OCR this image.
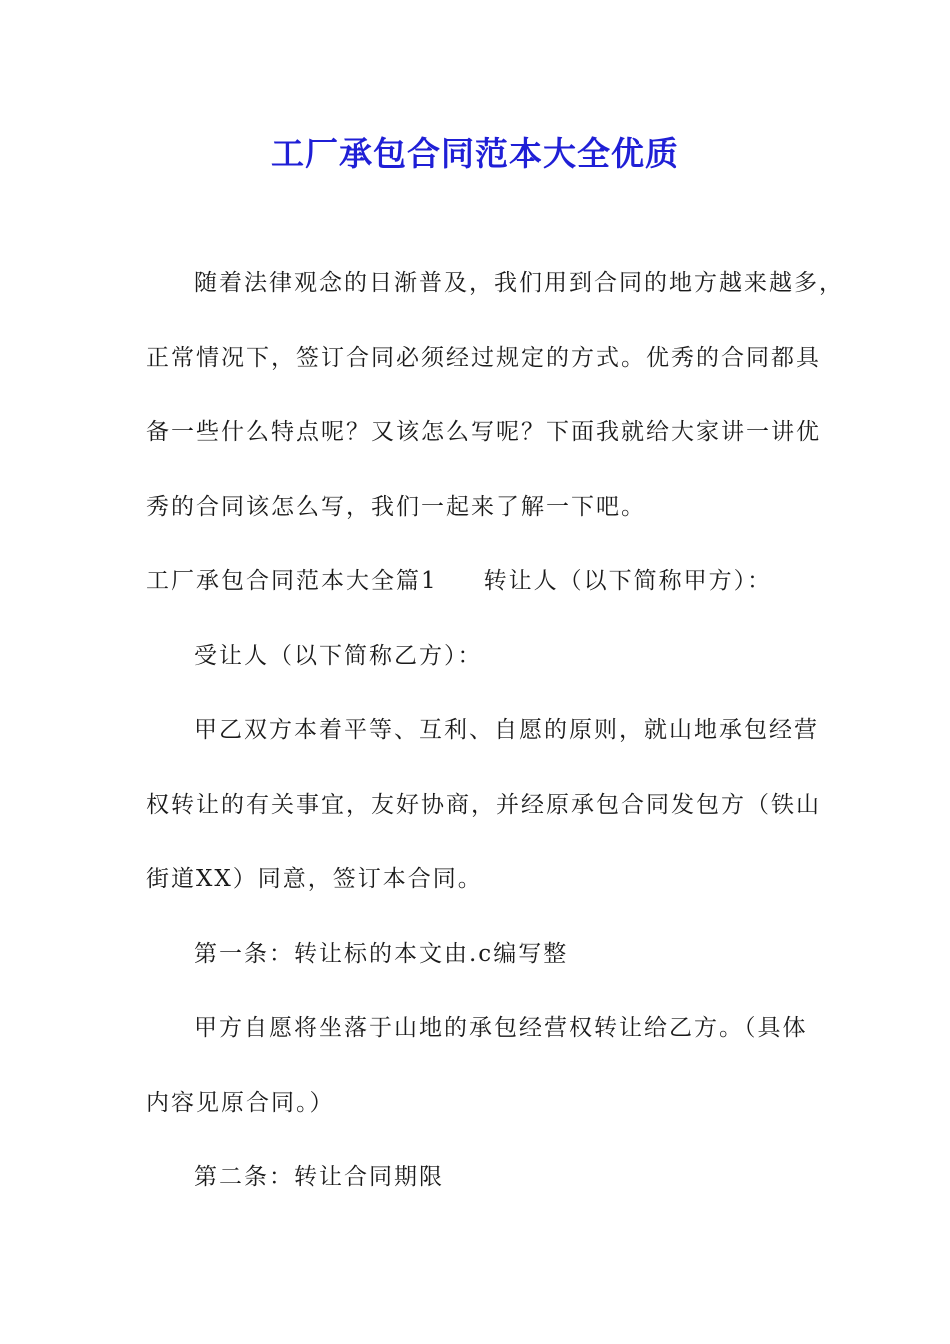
工厂承包合同范本大全优质

随着法律观念的日渐普及，我们用到合同的地方越来越多，

正常情况下，签订合同必须经过规定的方式。优秀的合同都具

备一些什么特点呢？又该怎么写呢？下面我就给大家讲一讲优

秀的合同该怎么写，我们一起来了解一下吧。

工厂承包合同范本大全篇1 转让人（以下简称甲方）：

受让人（以下简称乙方）：

甲乙双方本着平等、互利、自愿的原则，就山地承包经营

权转让的有关事宜，友好协商，并经原承包合同发包方（铁山

街道XX）同意，签订本合同。

第一条：转让标的本文由.c编写整

甲方自愿将坐落于山地的承包经营权转让给乙方。（具体

内容见原合同。）

第二条：转让合同期限
